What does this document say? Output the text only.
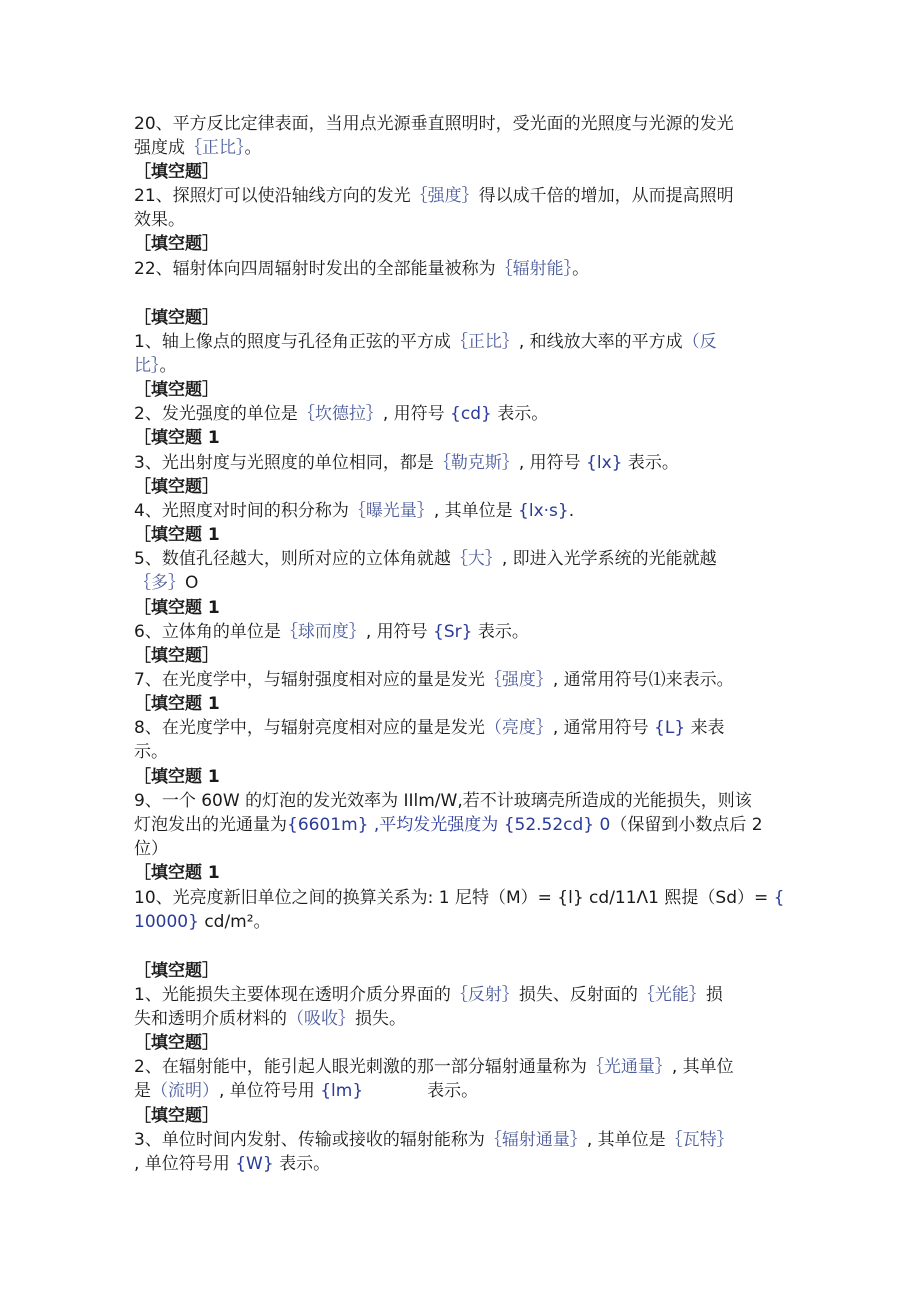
20、平方反比定律表面，当用点光源垂直照明时，受光面的光照度与光源的发光
强度成｛正比｝。
［填空题］
21、探照灯可以使沿轴线方向的发光｛强度｝得以成千倍的增加，从而提高照明
效果。
［填空题］
22、辐射体向四周辐射时发出的全部能量被称为｛辐射能｝。
［填空题］
1、轴上像点的照度与孔径角正弦的平方成｛正比｝, 和线放大率的平方成（反
比｝。
［填空题］
2、发光强度的单位是｛坎德拉｝, 用符号 {cd} 表示。
［填空题 1
3、光出射度与光照度的单位相同，都是｛勒克斯｝, 用符号 {lx} 表示。
［填空题］
4、光照度对时间的积分称为｛曝光量｝, 其单位是 {lx·s}.
［填空题 1
5、数值孔径越大，则所对应的立体角就越｛大｝, 即进入光学系统的光能就越
｛多｝O
［填空题 1
6、立体角的单位是｛球而度｝, 用符号 {Sr} 表示。
［填空题］
7、在光度学中，与辐射强度相对应的量是发光｛强度｝, 通常用符号⑴来表示。
［填空题 1
8、在光度学中，与辐射亮度相对应的量是发光（亮度｝, 通常用符号 {L} 来表
示。
［填空题 1
9、一个 60W 的灯泡的发光效率为 IIlm/W,若不计玻璃壳所造成的光能损失，则该
灯泡发出的光通量为{6601m} ,平均发光强度为 {52.52cd} 0（保留到小数点后 2
位）
［填空题 1
10、光亮度新旧单位之间的换算关系为: 1 尼特（M）= {l} cd/11Λ1 熙提（Sd）= {
10000} cd/m²。
［填空题］
1、光能损失主要体现在透明介质分界面的｛反射｝损失、反射面的｛光能｝损
失和透明介质材料的（吸收｝损失。
［填空题］
2、在辐射能中，能引起人眼光刺激的那一部分辐射通量称为｛光通量｝, 其单位
是（流明）, 单位符号用 {lm}	表示。
［填空题］
3、单位时间内发射、传输或接收的辐射能称为｛辐射通量｝, 其单位是｛瓦特｝
, 单位符号用 {W} 表示。
